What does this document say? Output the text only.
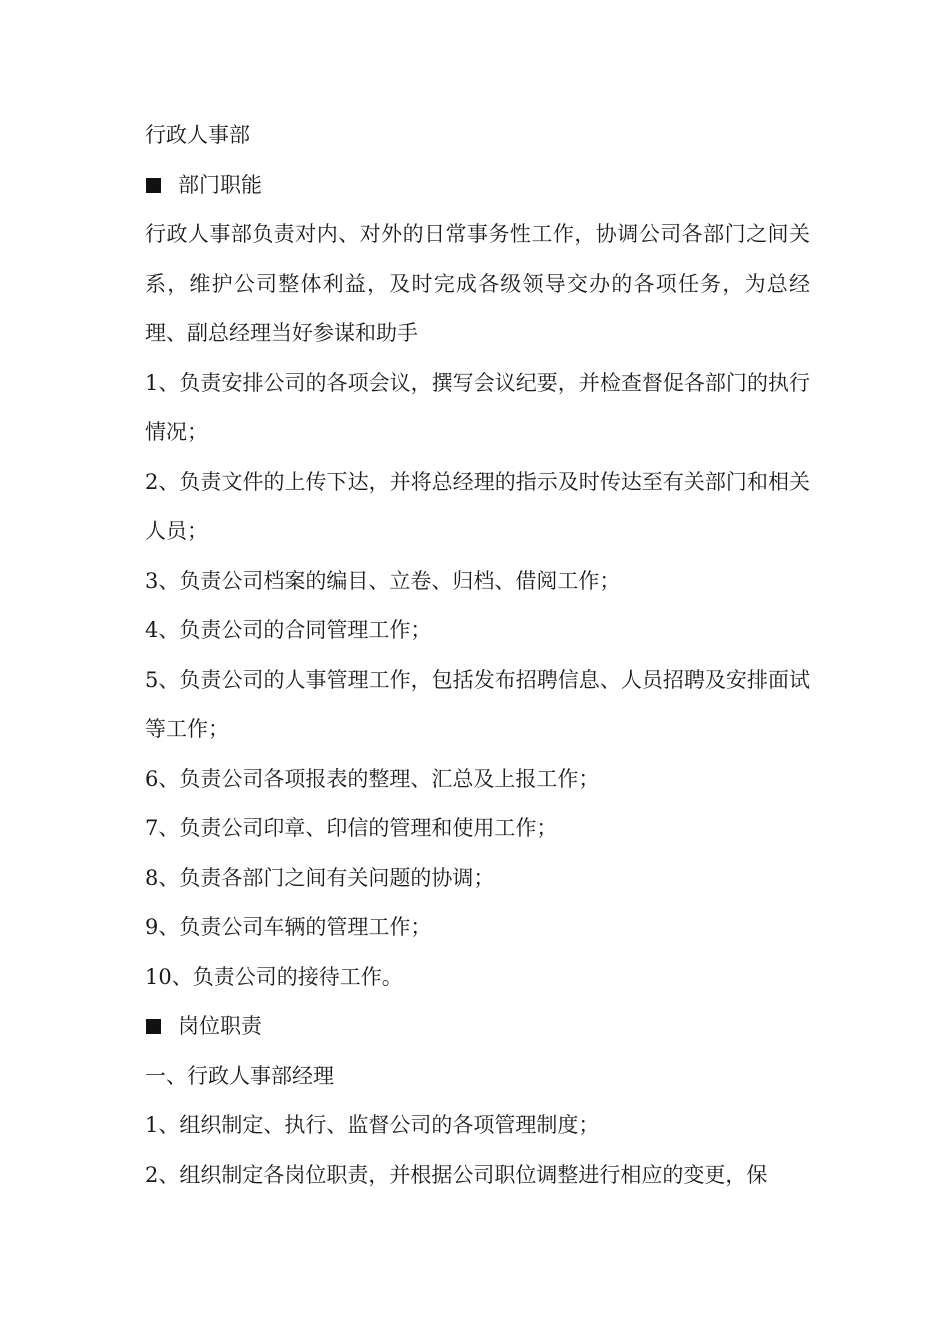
行政人事部
部门职能
行政人事部负责对内、对外的日常事务性工作，协调公司各部门之间关系，维护公司整体利益，及时完成各级领导交办的各项任务，为总经理、副总经理当好参谋和助手
1、负责安排公司的各项会议，撰写会议纪要，并检查督促各部门的执行情况；
2、负责文件的上传下达，并将总经理的指示及时传达至有关部门和相关人员；
3、负责公司档案的编目、立卷、归档、借阅工作；
4、负责公司的合同管理工作；
5、负责公司的人事管理工作，包括发布招聘信息、人员招聘及安排面试等工作；
6、负责公司各项报表的整理、汇总及上报工作；
7、负责公司印章、印信的管理和使用工作；
8、负责各部门之间有关问题的协调；
9、负责公司车辆的管理工作；
10、负责公司的接待工作。
岗位职责
一、行政人事部经理
1、组织制定、执行、监督公司的各项管理制度；
2、组织制定各岗位职责，并根据公司职位调整进行相应的变更，保
